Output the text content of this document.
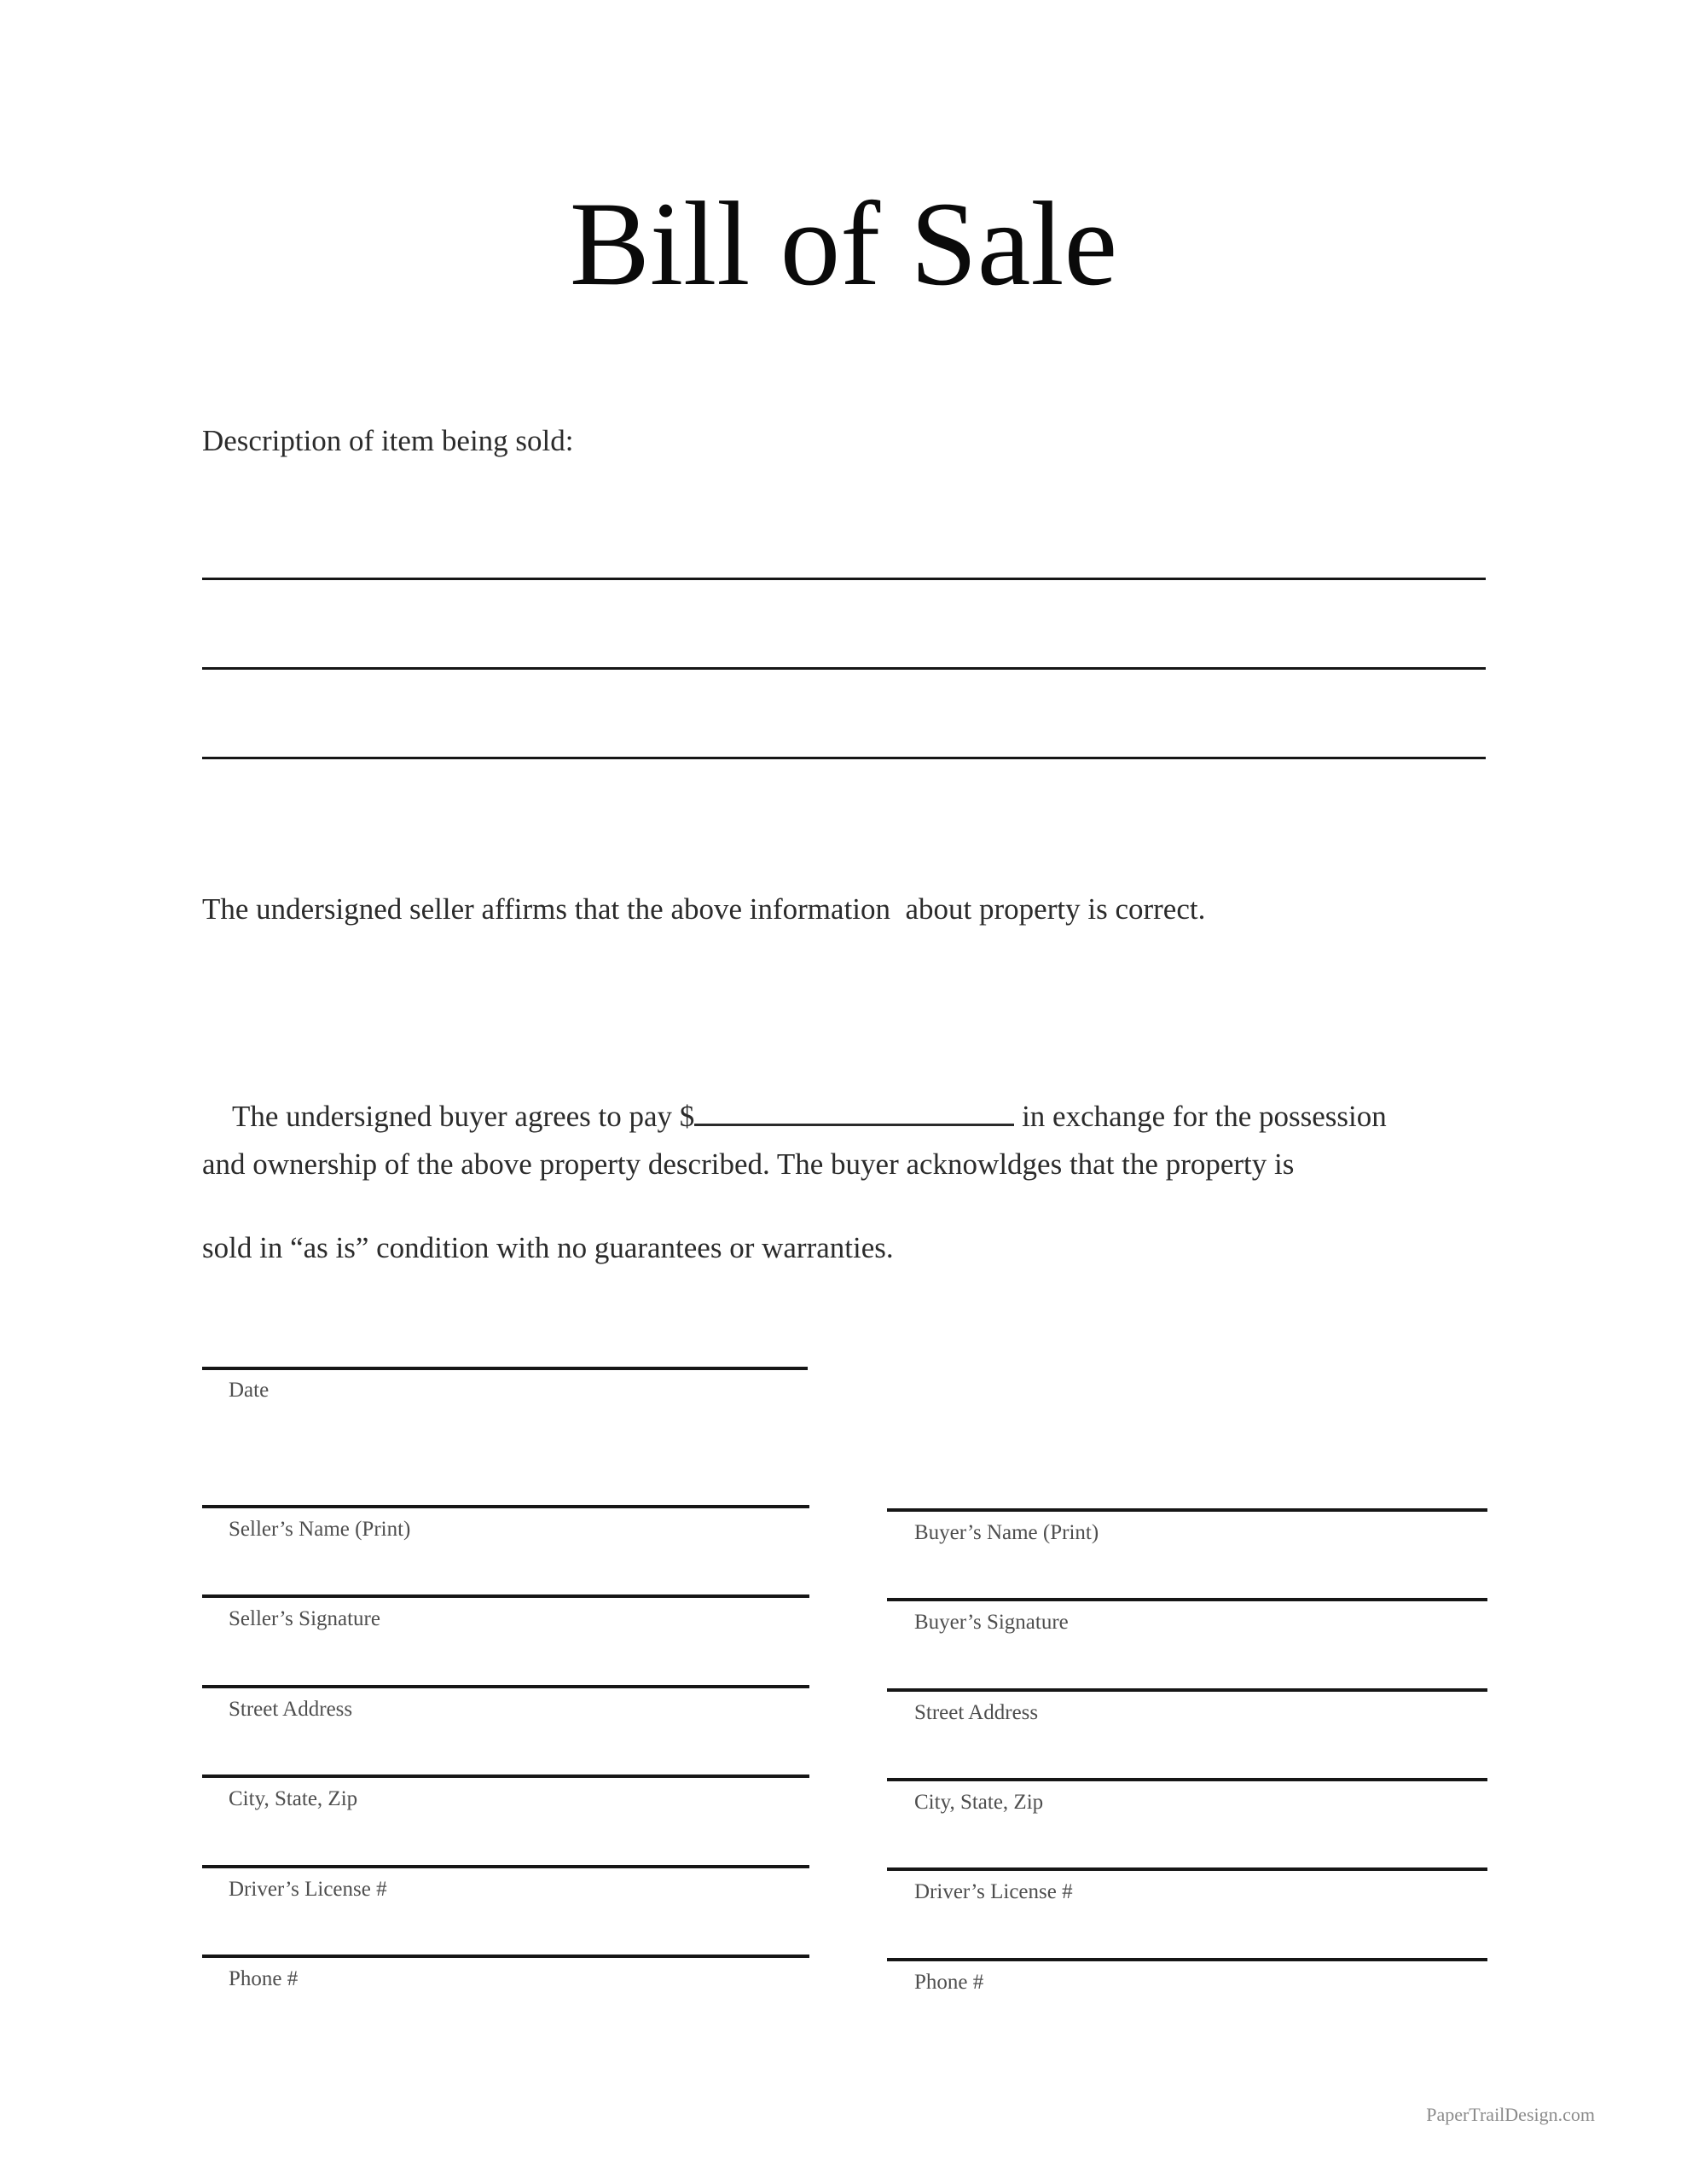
Bill of Sale
Description of item being sold:
The undersigned seller affirms that the above information  about property is correct.

The undersigned buyer agrees to pay $	in exchange for the possession

and ownership of the above property described. The buyer acknowldges that the property is
sold in “as is” condition with no guarantees or warranties.
Date
PaperTrailDesign.com
Seller’s Name (Print)
Seller’s Signature
Street Address
City, State, Zip
Driver’s License #
Phone #
Buyer’s Name (Print)
Buyer’s Signature
Street Address
City, State, Zip
Driver’s License #
Phone #
